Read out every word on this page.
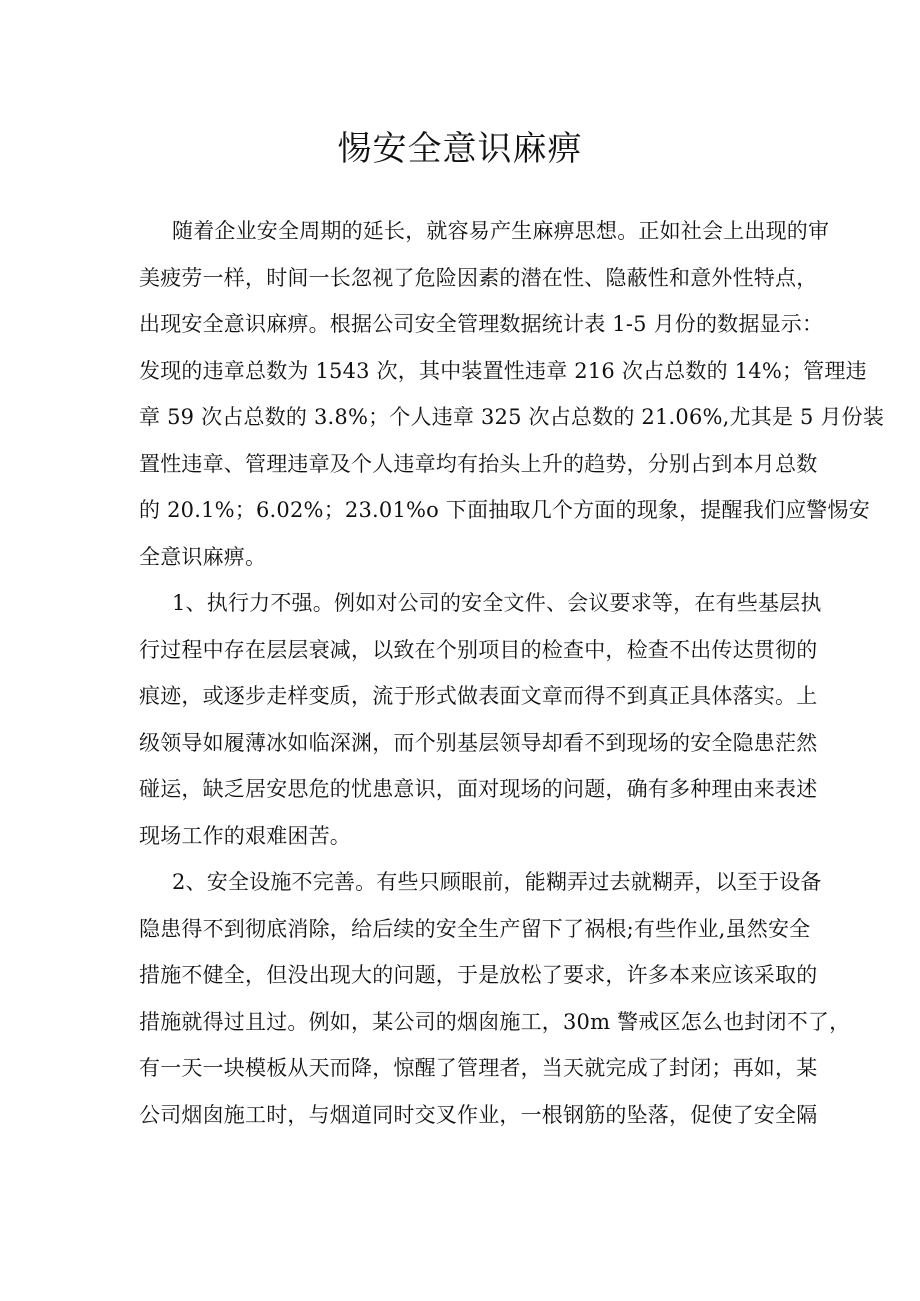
惕安全意识麻痹
随着企业安全周期的延长，就容易产生麻痹思想。正如社会上出现的审
美疲劳一样，时间一长忽视了危险因素的潜在性、隐蔽性和意外性特点，
出现安全意识麻痹。根据公司安全管理数据统计表 1-5 月份的数据显示：
发现的违章总数为 1543 次，其中装置性违章 216 次占总数的 14%；管理违
章 59 次占总数的 3.8%；个人违章 325 次占总数的 21.06%,尤其是 5 月份装
置性违章、管理违章及个人违章均有抬头上升的趋势，分别占到本月总数
的 20.1%；6.02%；23.01%o 下面抽取几个方面的现象，提醒我们应警惕安
全意识麻痹。
1、执行力不强。例如对公司的安全文件、会议要求等，在有些基层执
行过程中存在层层衰减，以致在个别项目的检查中，检查不出传达贯彻的
痕迹，或逐步走样变质，流于形式做表面文章而得不到真正具体落实。上
级领导如履薄冰如临深渊，而个别基层领导却看不到现场的安全隐患茫然
碰运，缺乏居安思危的忧患意识，面对现场的问题，确有多种理由来表述
现场工作的艰难困苦。
2、安全设施不完善。有些只顾眼前，能糊弄过去就糊弄，以至于设备
隐患得不到彻底消除，给后续的安全生产留下了祸根;有些作业,虽然安全
措施不健全，但没出现大的问题，于是放松了要求，许多本来应该采取的
措施就得过且过。例如，某公司的烟囱施工，30m 警戒区怎么也封闭不了，
有一天一块模板从天而降，惊醒了管理者，当天就完成了封闭；再如，某
公司烟囱施工时，与烟道同时交叉作业，一根钢筋的坠落，促使了安全隔
